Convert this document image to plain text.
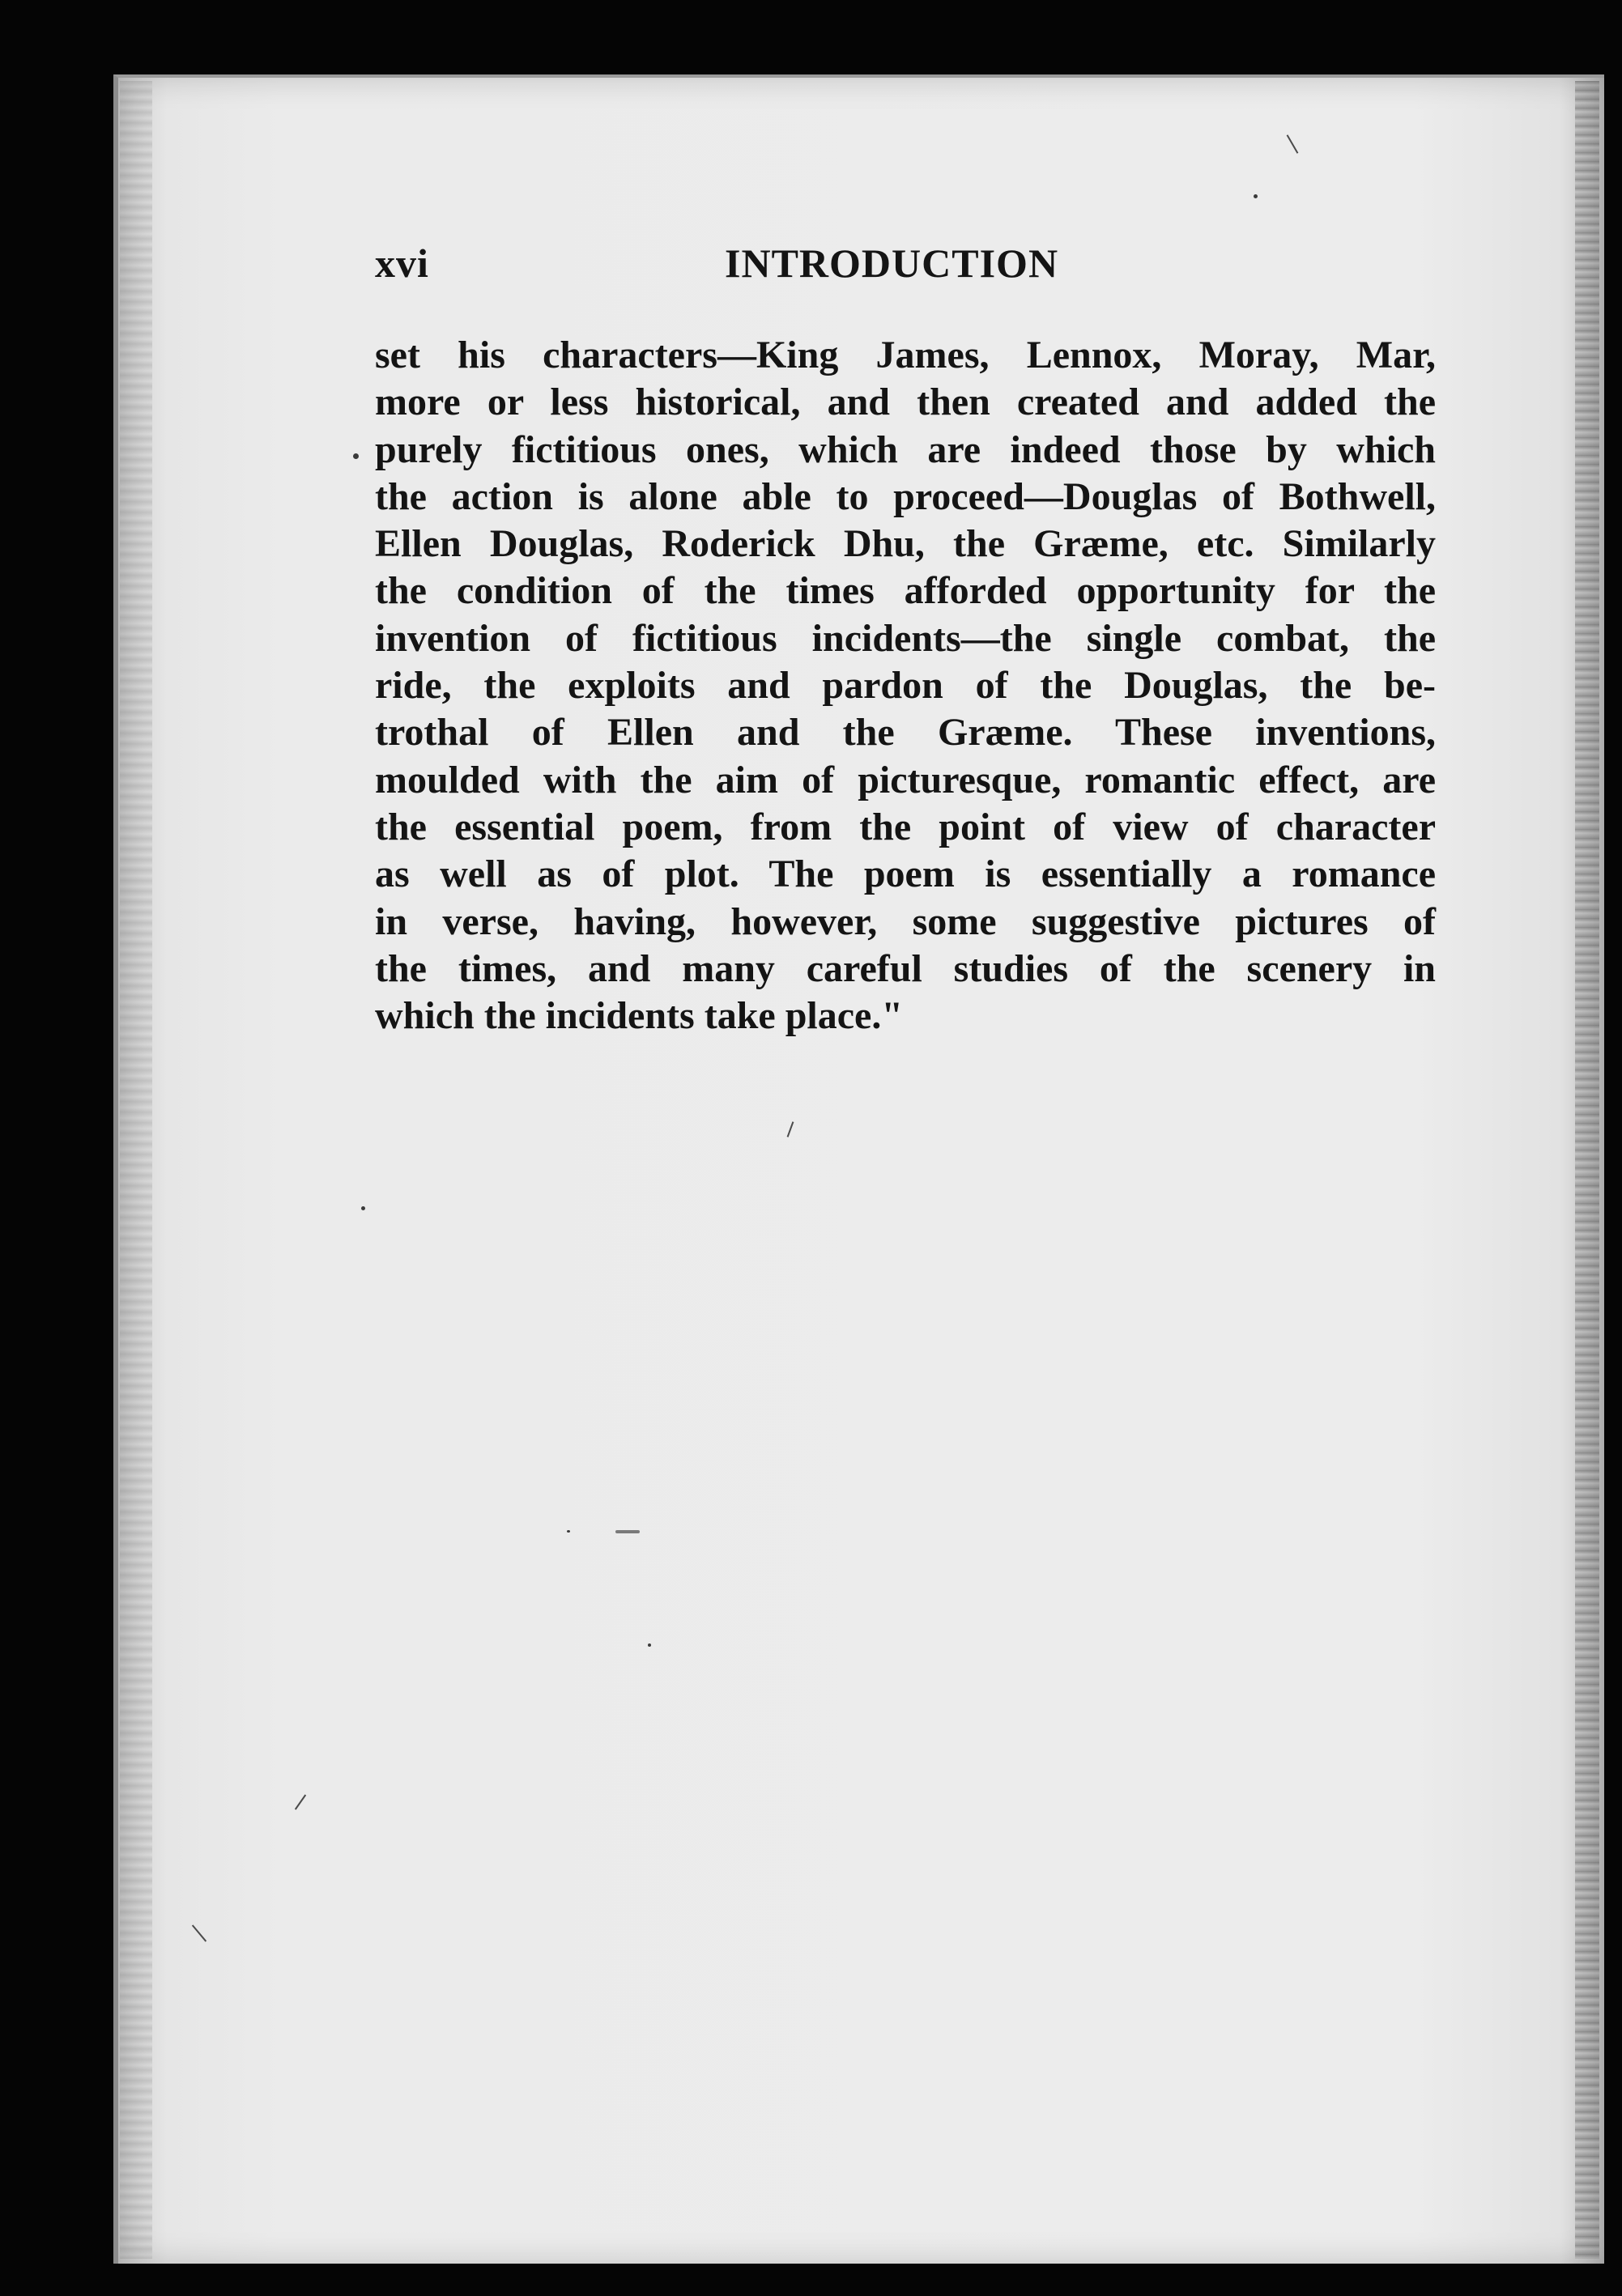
xvi	INTRODUCTION
set his characters—King James, Lennox, Moray, Mar,
more or less historical, and then created and added the
purely fictitious ones, which are indeed those by which
the action is alone able to proceed—Douglas of Bothwell,
Ellen Douglas, Roderick Dhu, the Græme, etc. Similarly
the condition of the times afforded opportunity for the
invention of fictitious incidents—the single combat, the
ride, the exploits and pardon of the Douglas, the be-
trothal of Ellen and the Græme. These inventions,
moulded with the aim of picturesque, romantic effect, are
the essential poem, from the point of view of character
as well as of plot. The poem is essentially a romance
in verse, having, however, some suggestive pictures of
the times, and many careful studies of the scenery in
which the incidents take place."
